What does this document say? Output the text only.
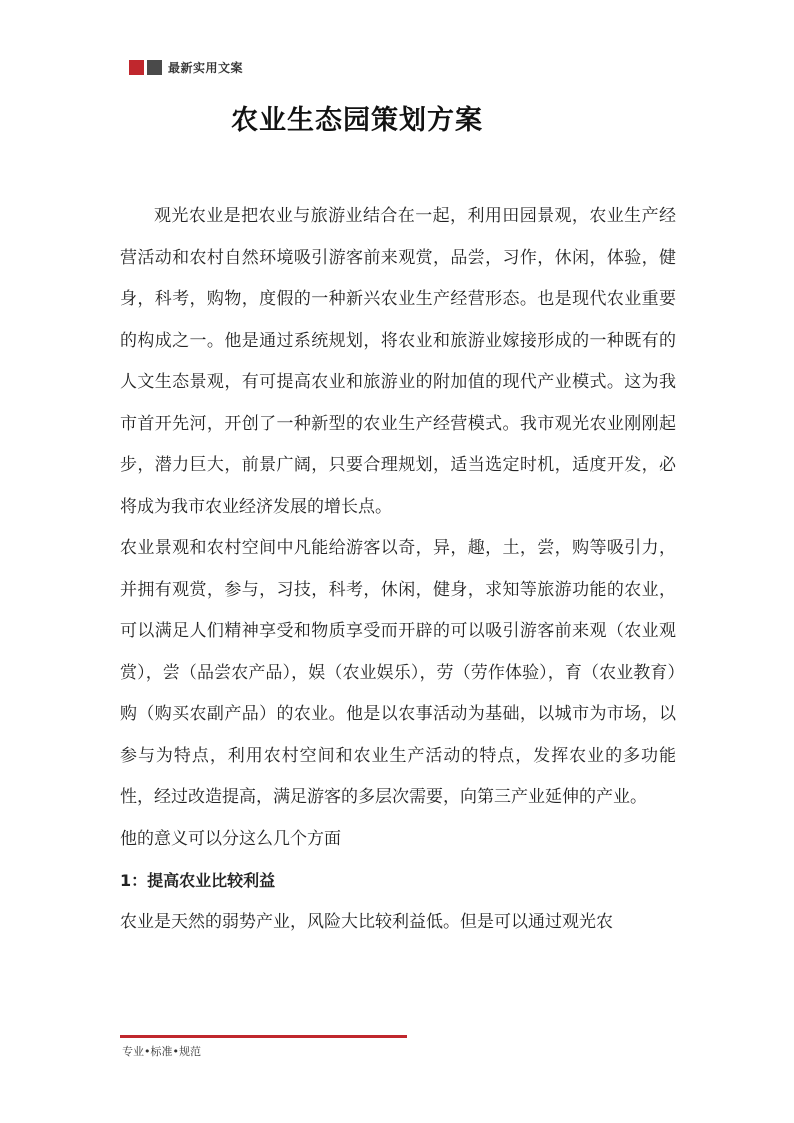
最新实用文案
农业生态园策划方案

观光农业是把农业与旅游业结合在一起，利用田园景观，农业生产经营活动和农村自然环境吸引游客前来观赏，品尝，习作，休闲，体验，健身，科考，购物，度假的一种新兴农业生产经营形态。也是现代农业重要的构成之一。他是通过系统规划，将农业和旅游业嫁接形成的一种既有的人文生态景观，有可提高农业和旅游业的附加值的现代产业模式。这为我市首开先河，开创了一种新型的农业生产经营模式。我市观光农业刚刚起步，潜力巨大，前景广阔，只要合理规划，适当选定时机，适度开发，必将成为我市农业经济发展的增长点。

农业景观和农村空间中凡能给游客以奇，异，趣，土，尝，购等吸引力，并拥有观赏，参与，习技，科考，休闲，健身，求知等旅游功能的农业，可以满足人们精神享受和物质享受而开辟的可以吸引游客前来观（农业观赏），尝（品尝农产品），娱（农业娱乐），劳（劳作体验），育（农业教育）购（购买农副产品）的农业。他是以农事活动为基础，以城市为市场，以参与为特点，利用农村空间和农业生产活动的特点，发挥农业的多功能性，经过改造提高，满足游客的多层次需要，向第三产业延伸的产业。

他的意义可以分这么几个方面

1：提高农业比较利益

农业是天然的弱势产业，风险大比较利益低。但是可以通过观光农

专业•标准•规范
